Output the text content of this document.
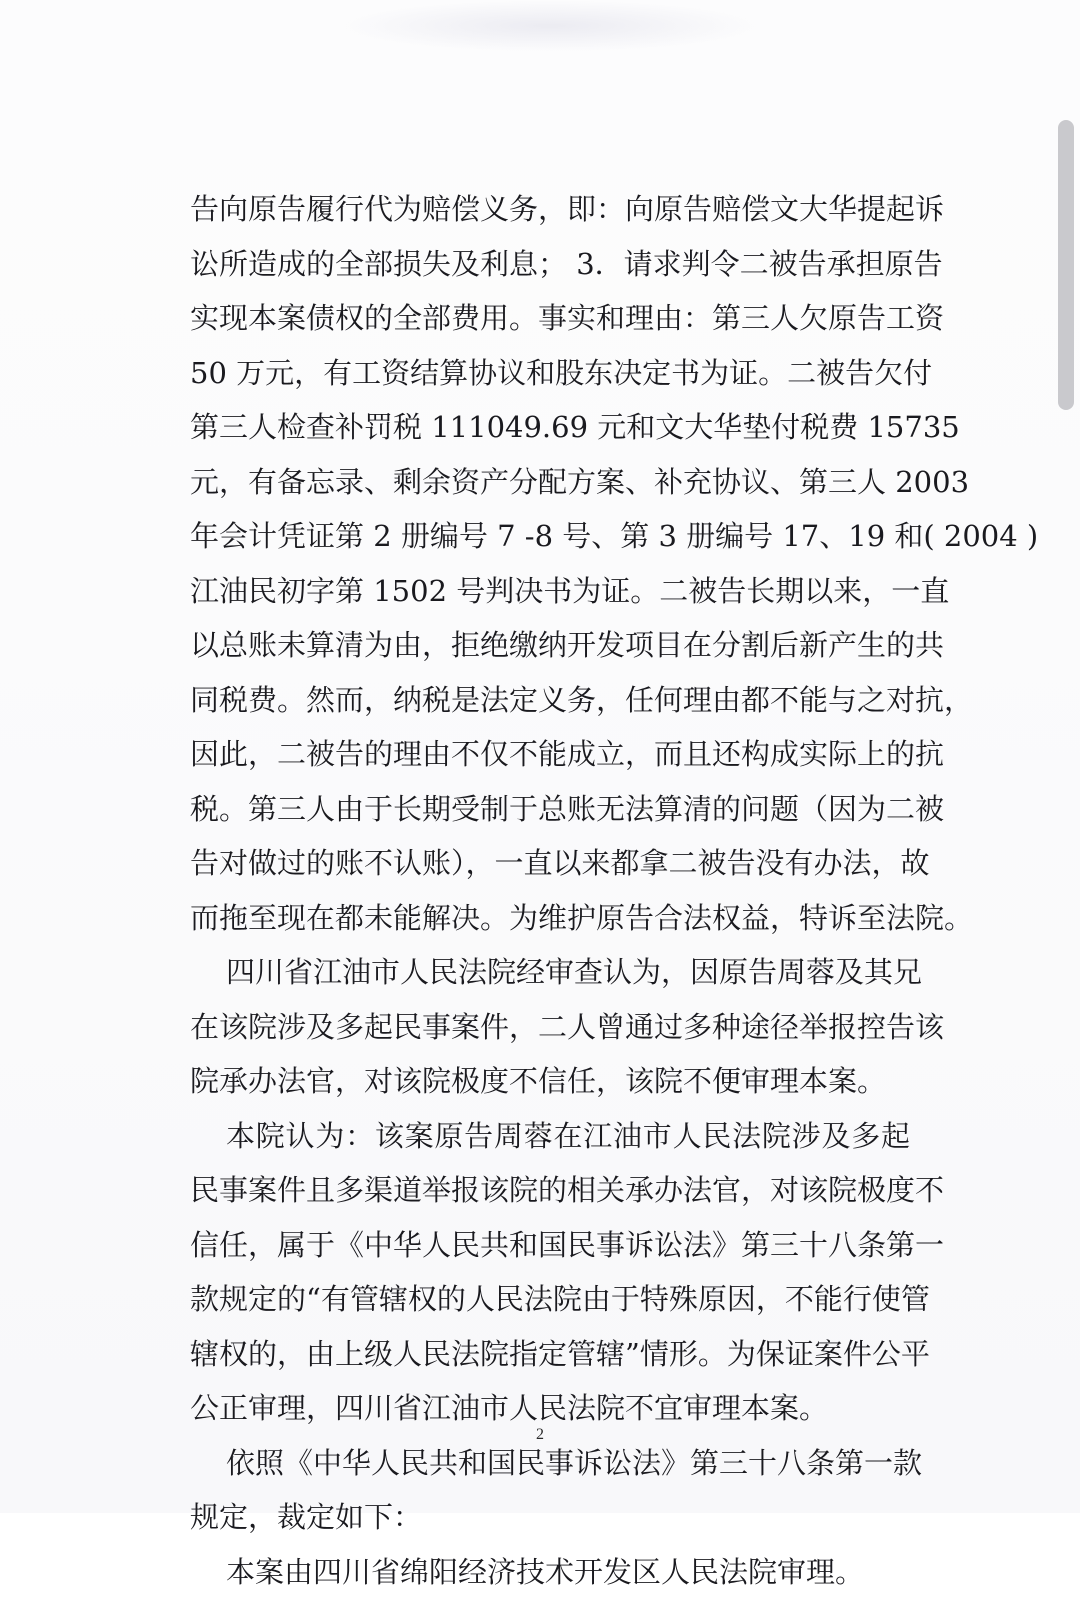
告向原告履行代为赔偿义务，即：向原告赔偿文大华提起诉
讼所造成的全部损失及利息； 3．请求判令二被告承担原告
实现本案债权的全部费用。事实和理由：第三人欠原告工资
50 万元，有工资结算协议和股东决定书为证。二被告欠付
第三人检查补罚税 111049.69 元和文大华垫付税费 15735
元，有备忘录、剩余资产分配方案、补充协议、第三人 2003
年会计凭证第 2 册编号 7 -8 号、第 3 册编号 17、19 和( 2004 )
江油民初字第 1502 号判决书为证。二被告长期以来，一直
以总账未算清为由，拒绝缴纳开发项目在分割后新产生的共
同税费。然而，纳税是法定义务，任何理由都不能与之对抗，
因此，二被告的理由不仅不能成立，而且还构成实际上的抗
税。第三人由于长期受制于总账无法算清的问题（因为二被
告对做过的账不认账），一直以来都拿二被告没有办法，故
而拖至现在都未能解决。为维护原告合法权益，特诉至法院。
四川省江油市人民法院经审查认为，因原告周蓉及其兄
在该院涉及多起民事案件，二人曾通过多种途径举报控告该
院承办法官，对该院极度不信任，该院不便审理本案。
本院认为：该案原告周蓉在江油市人民法院涉及多起
民事案件且多渠道举报该院的相关承办法官，对该院极度不
信任，属于《中华人民共和国民事诉讼法》第三十八条第一
款规定的“有管辖权的人民法院由于特殊原因，不能行使管
辖权的，由上级人民法院指定管辖”情形。为保证案件公平
公正审理，四川省江油市人民法院不宜审理本案。
依照《中华人民共和国民事诉讼法》第三十八条第一款
规定，裁定如下：
本案由四川省绵阳经济技术开发区人民法院审理。
2
